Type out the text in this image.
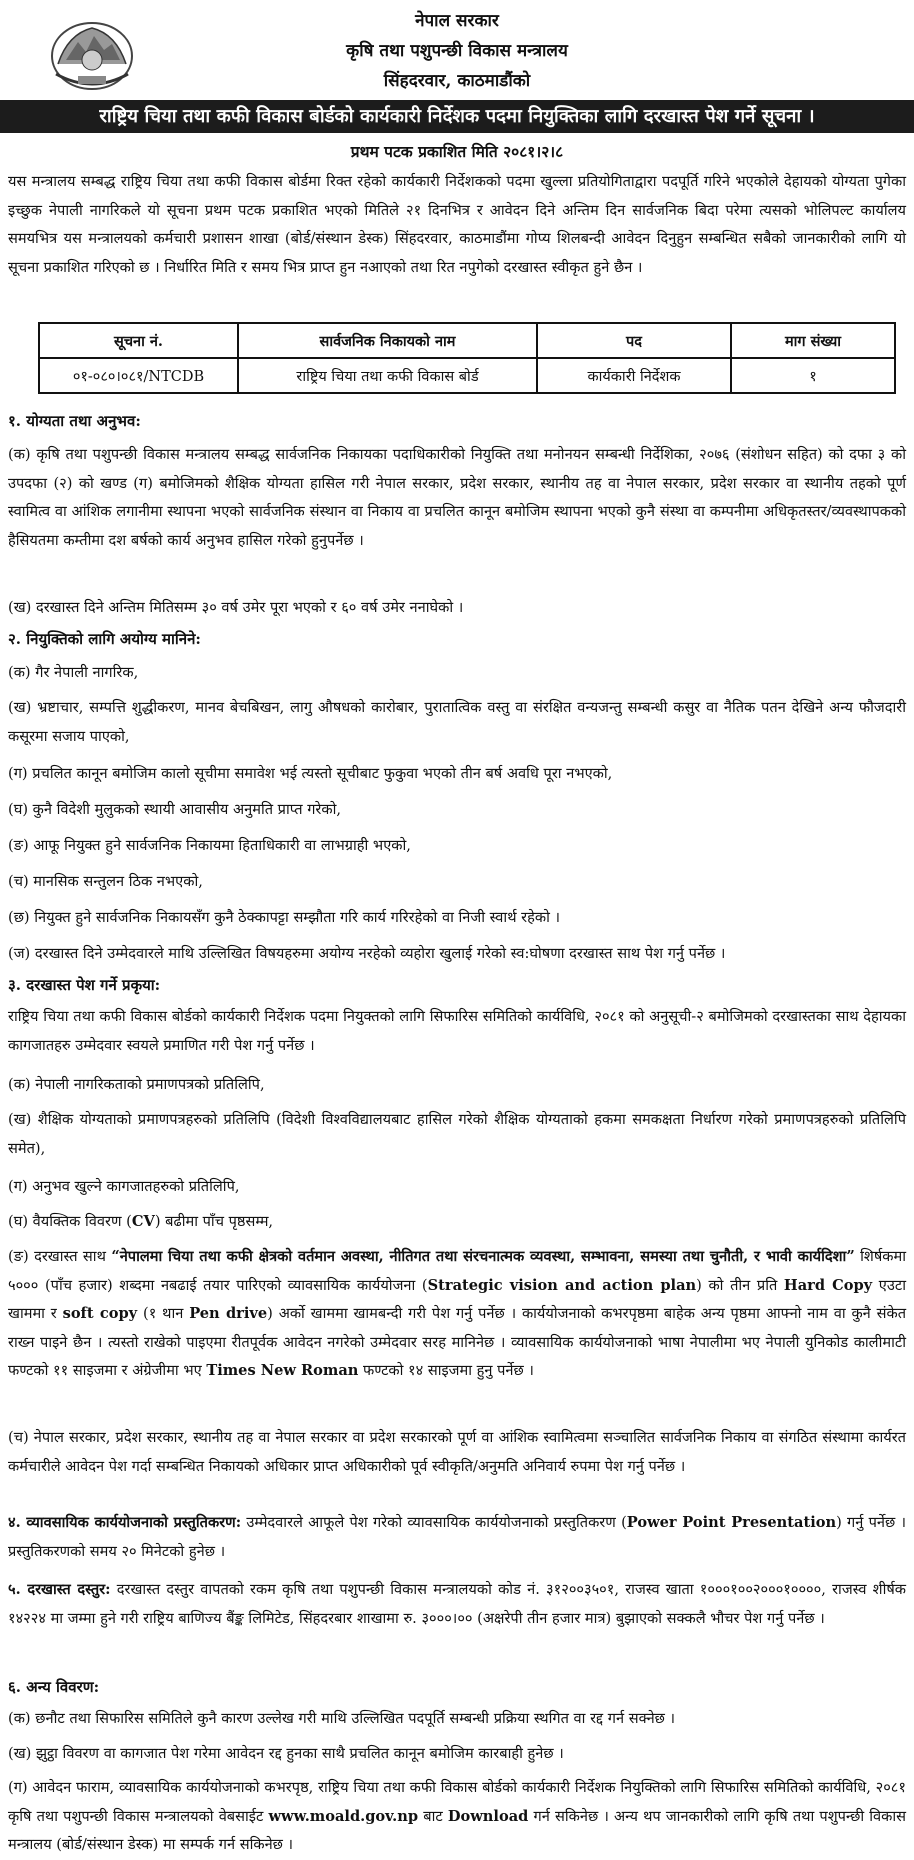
नेपाल सरकार
कृषि तथा पशुपन्छी विकास मन्त्रालय
सिंहदरवार, काठमाडौंको
राष्ट्रिय चिया तथा कफी विकास बोर्डको कार्यकारी निर्देशक पदमा नियुक्तिका लागि दरखास्त पेश गर्ने सूचना ।
प्रथम पटक प्रकाशित मिति २०८१।२।८
यस मन्त्रालय सम्बद्ध राष्ट्रिय चिया तथा कफी विकास बोर्डमा रिक्त रहेको कार्यकारी निर्देशकको पदमा खुल्ला प्रतियोगिताद्वारा पदपूर्ति गरिने भएकोले देहायको योग्यता पुगेका इच्छुक नेपाली नागरिकले यो सूचना प्रथम पटक प्रकाशित भएको मितिले २१ दिनभित्र र आवेदन दिने अन्तिम दिन सार्वजनिक बिदा परेमा त्यसको भोलिपल्ट कार्यालय समयभित्र यस मन्त्रालयको कर्मचारी प्रशासन शाखा (बोर्ड/संस्थान डेस्क) सिंहदरवार, काठमाडौंमा गोप्य शिलबन्दी आवेदन दिनुहुन सम्बन्धित सबैको जानकारीको लागि यो सूचना प्रकाशित गरिएको छ । निर्धारित मिति र समय भित्र प्राप्त हुन नआएको तथा रित नपुगेको दरखास्त स्वीकृत हुने छैन ।
सूचना नं.	सार्वजनिक निकायको नाम	पद	माग संख्या
०१-०८०।०८१/NTCDB	राष्ट्रिय चिया तथा कफी विकास बोर्ड	कार्यकारी निर्देशक	१
१. योग्यता तथा अनुभव:
(क) कृषि तथा पशुपन्छी विकास मन्त्रालय सम्बद्ध सार्वजनिक निकायका पदाधिकारीको नियुक्ति तथा मनोनयन सम्बन्धी निर्देशिका, २०७६ (संशोधन सहित) को दफा ३ को उपदफा (२) को खण्ड (ग) बमोजिमको शैक्षिक योग्यता हासिल गरी नेपाल सरकार, प्रदेश सरकार, स्थानीय तह वा नेपाल सरकार, प्रदेश सरकार वा स्थानीय तहको पूर्ण स्वामित्व वा आंशिक लगानीमा स्थापना भएको सार्वजनिक संस्थान वा निकाय वा प्रचलित कानून बमोजिम स्थापना भएको कुनै संस्था वा कम्पनीमा अधिकृतस्तर/व्यवस्थापकको हैसियतमा कम्तीमा दश बर्षको कार्य अनुभव हासिल गरेको हुनुपर्नेछ ।
(ख) दरखास्त दिने अन्तिम मितिसम्म ३० वर्ष उमेर पूरा भएको र ६० वर्ष उमेर ननाघेको ।
२. नियुक्तिको लागि अयोग्य मानिने:
(क) गैर नेपाली नागरिक,
(ख) भ्रष्टाचार, सम्पत्ति शुद्धीकरण, मानव बेचबिखन, लागु औषधको कारोबार, पुरातात्विक वस्तु वा संरक्षित वन्यजन्तु सम्बन्धी कसुर वा नैतिक पतन देखिने अन्य फौजदारी कसूरमा सजाय पाएको,
(ग) प्रचलित कानून बमोजिम कालो सूचीमा समावेश भई त्यस्तो सूचीबाट फुकुवा भएको तीन बर्ष अवधि पूरा नभएको,
(घ) कुनै विदेशी मुलुकको स्थायी आवासीय अनुमति प्राप्त गरेको,
(ङ) आफू नियुक्त हुने सार्वजनिक निकायमा हिताधिकारी वा लाभग्राही भएको,
(च) मानसिक सन्तुलन ठिक नभएको,
(छ) नियुक्त हुने सार्वजनिक निकायसँग कुनै ठेक्कापट्टा सम्झौता गरि कार्य गरिरहेको वा निजी स्वार्थ रहेको ।
(ज) दरखास्त दिने उम्मेदवारले माथि उल्लिखित विषयहरुमा अयोग्य नरहेको व्यहोरा खुलाई गरेको स्व:घोषणा दरखास्त साथ पेश गर्नु पर्नेछ ।
३. दरखास्त पेश गर्ने प्रकृया:
राष्ट्रिय चिया तथा कफी विकास बोर्डको कार्यकारी निर्देशक पदमा नियुक्तको लागि सिफारिस समितिको कार्यविधि, २०८१ को अनुसूची-२ बमोजिमको दरखास्तका साथ देहायका कागजातहरु उम्मेदवार स्वयले प्रमाणित गरी पेश गर्नु पर्नेछ ।
(क) नेपाली नागरिकताको प्रमाणपत्रको प्रतिलिपि,
(ख) शैक्षिक योग्यताको प्रमाणपत्रहरुको प्रतिलिपि (विदेशी विश्वविद्यालयबाट हासिल गरेको शैक्षिक योग्यताको हकमा समकक्षता निर्धारण गरेको प्रमाणपत्रहरुको प्रतिलिपि समेत),
(ग) अनुभव खुल्ने कागजातहरुको प्रतिलिपि,
(घ) वैयक्तिक विवरण (CV) बढीमा पाँच पृष्ठसम्म,
(ङ) दरखास्त साथ “नेपालमा चिया तथा कफी क्षेत्रको वर्तमान अवस्था, नीतिगत तथा संरचनात्मक व्यवस्था, सम्भावना, समस्या तथा चुनौती, र भावी कार्यदिशा” शिर्षकमा ५००० (पाँच हजार) शब्दमा नबढाई तयार पारिएको व्यावसायिक कार्ययोजना (Strategic vision and action plan) को तीन प्रति Hard Copy एउटा खाममा र soft copy (१ थान Pen drive) अर्को खाममा खामबन्दी गरी पेश गर्नु पर्नेछ । कार्ययोजनाको कभरपृष्ठमा बाहेक अन्य पृष्ठमा आफ्नो नाम वा कुनै संकेत राख्न पाइने छैन । त्यस्तो राखेको पाइएमा रीतपूर्वक आवेदन नगरेको उम्मेदवार सरह मानिनेछ । व्यावसायिक कार्ययोजनाको भाषा नेपालीमा भए नेपाली युनिकोड कालीमाटी फण्टको ११ साइजमा र अंग्रेजीमा भए Times New Roman फण्टको १४ साइजमा हुनु पर्नेछ ।
(च) नेपाल सरकार, प्रदेश सरकार, स्थानीय तह वा नेपाल सरकार वा प्रदेश सरकारको पूर्ण वा आंशिक स्वामित्वमा सञ्चालित सार्वजनिक निकाय वा संगठित संस्थामा कार्यरत कर्मचारीले आवेदन पेश गर्दा सम्बन्धित निकायको अधिकार प्राप्त अधिकारीको पूर्व स्वीकृति/अनुमति अनिवार्य रुपमा पेश गर्नु पर्नेछ ।
४. व्यावसायिक कार्ययोजनाको प्रस्तुतिकरण: उम्मेदवारले आफूले पेश गरेको व्यावसायिक कार्ययोजनाको प्रस्तुतिकरण (Power Point Presentation) गर्नु पर्नेछ । प्रस्तुतिकरणको समय २० मिनेटको हुनेछ ।
५. दरखास्त दस्तुर: दरखास्त दस्तुर वापतको रकम कृषि तथा पशुपन्छी विकास मन्त्रालयको कोड नं. ३१२००३५०१, राजस्व खाता १०००१००२०००१००००, राजस्व शीर्षक १४२२४ मा जम्मा हुने गरी राष्ट्रिय बाणिज्य बैंङ्क लिमिटेड, सिंहदरबार शाखामा रु. ३०००।०० (अक्षरेपी तीन हजार मात्र) बुझाएको सक्कलै भौचर पेश गर्नु पर्नेछ ।
६. अन्य विवरण:
(क) छनौट तथा सिफारिस समितिले कुनै कारण उल्लेख गरी माथि उल्लिखित पदपूर्ति सम्बन्धी प्रक्रिया स्थगित वा रद्द गर्न सक्नेछ ।
(ख) झुट्ठा विवरण वा कागजात पेश गरेमा आवेदन रद्द हुनका साथै प्रचलित कानून बमोजिम कारबाही हुनेछ ।
(ग) आवेदन फाराम, व्यावसायिक कार्ययोजनाको कभरपृष्ठ, राष्ट्रिय चिया तथा कफी विकास बोर्डको कार्यकारी निर्देशक नियुक्तिको लागि सिफारिस समितिको कार्यविधि, २०८१ कृषि तथा पशुपन्छी विकास मन्त्रालयको वेबसाईट www.moald.gov.np बाट Download गर्न सकिनेछ । अन्य थप जानकारीको लागि कृषि तथा पशुपन्छी विकास मन्त्रालय (बोर्ड/संस्थान डेस्क) मा सम्पर्क गर्न सकिनेछ ।
